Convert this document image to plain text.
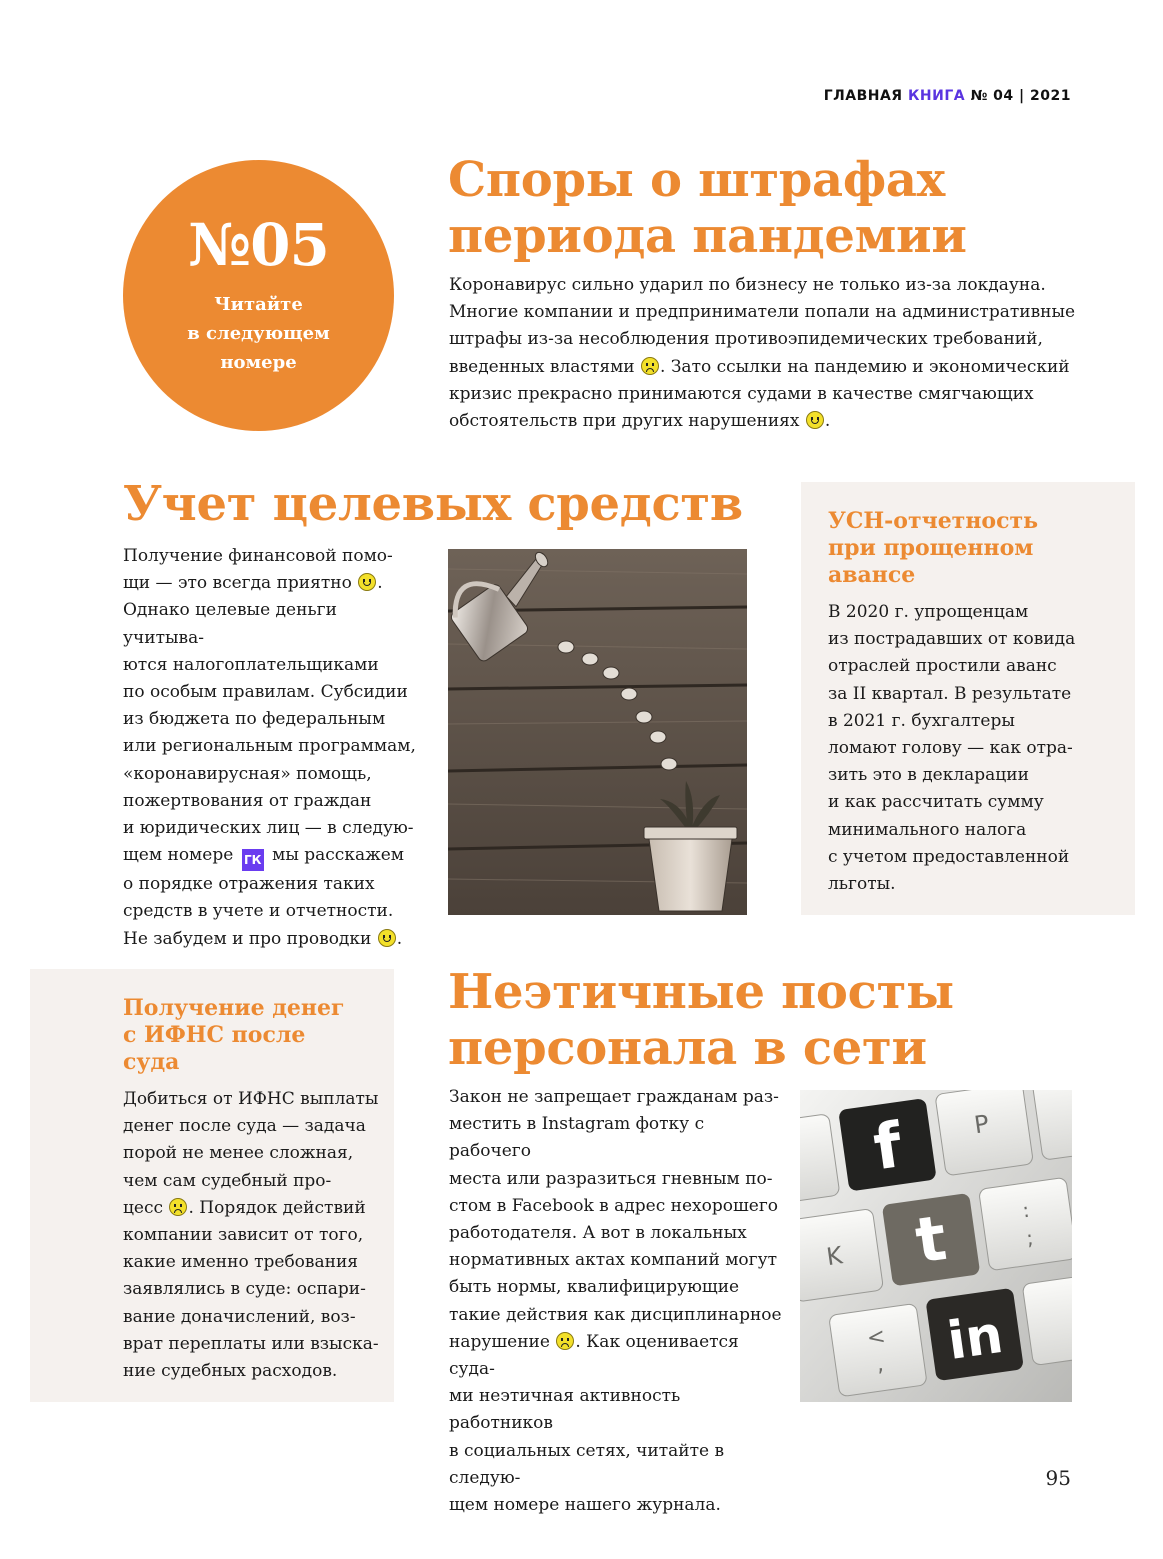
ГЛАВНАЯ КНИГА № 04 | 2021
№05
Читайте
в следующем
номере
Споры о штрафах
периода пандемии
Коронавирус сильно ударил по бизнесу не только из-за локдауна.
Многие компании и предприниматели попали на административные
штрафы из-за несоблюдения противоэпидемических требований,
введенных властями . Зато ссылки на пандемию и экономический
кризис прекрасно принимаются судами в качестве смягчающих
обстоятельств при других нарушениях .
Учет целевых средств
Получение финансовой помо-
щи — это всегда приятно .
Однако целевые деньги учитыва-
ются налогоплательщиками
по особым правилам. Субсидии
из бюджета по федеральным
или региональным программам,
«коронавирусная» помощь,
пожертвования от граждан
и юридических лиц — в следую-
щем номере ГК мы расскажем
о порядке отражения таких
средств в учете и отчетности.
Не забудем и про проводки .
УСН-отчетность
при прощенном
авансе
В 2020 г. упрощенцам
из пострадавших от ковида
отраслей простили аванс
за II квартал. В результате
в 2021 г. бухгалтеры
ломают голову — как отра-
зить это в декларации
и как рассчитать сумму
минимального налога
с учетом предоставленной
льготы.
Получение денег
с ИФНС после
суда
Добиться от ИФНС выплаты
денег после суда — задача
порой не менее сложная,
чем сам судебный про-
цесс . Порядок действий
компании зависит от того,
какие именно требования
заявлялись в суде: оспари-
вание доначислений, воз-
врат переплаты или взыска-
ние судебных расходов.
Неэтичные посты
персонала в сети
Закон не запрещает гражданам раз-
местить в Instagram фотку с рабочего
места или разразиться гневным по-
стом в Facebook в адрес нехорошего
работодателя. А вот в локальных
нормативных актах компаний могут
быть нормы, квалифицирующие
такие действия как дисциплинарное
нарушение . Как оценивается суда-
ми неэтичная активность работников
в социальных сетях, читайте в следую-
щем номере нашего журнала.
f	P
t
K
:
;
in
<
,
95
